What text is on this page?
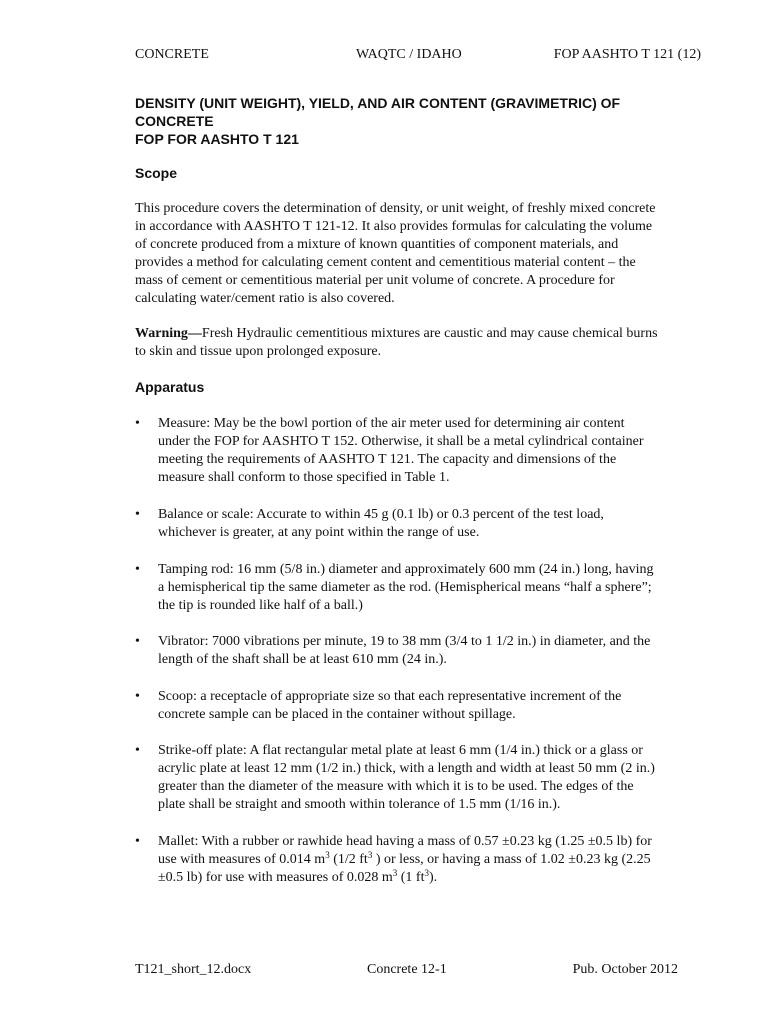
CONCRETE	WAQTC / IDAHO	FOP AASHTO T 121 (12)
DENSITY (UNIT WEIGHT), YIELD, AND AIR CONTENT (GRAVIMETRIC) OF
CONCRETE
FOP FOR AASHTO T 121
Scope
This procedure covers the determination of density, or unit weight, of freshly mixed concrete
in accordance with AASHTO T 121-12. It also provides formulas for calculating the volume
of concrete produced from a mixture of known quantities of component materials, and
provides a method for calculating cement content and cementitious material content – the
mass of cement or cementitious material per unit volume of concrete. A procedure for
calculating water/cement ratio is also covered.
Warning—Fresh Hydraulic cementitious mixtures are caustic and may cause chemical burns
to skin and tissue upon prolonged exposure.
Apparatus
• Measure: May be the bowl portion of the air meter used for determining air content
under the FOP for AASHTO T 152. Otherwise, it shall be a metal cylindrical container
meeting the requirements of AASHTO T 121. The capacity and dimensions of the
measure shall conform to those specified in Table 1.
• Balance or scale: Accurate to within 45 g (0.1 lb) or 0.3 percent of the test load,
whichever is greater, at any point within the range of use.
• Tamping rod: 16 mm (5/8 in.) diameter and approximately 600 mm (24 in.) long, having
a hemispherical tip the same diameter as the rod. (Hemispherical means “half a sphere”;
the tip is rounded like half of a ball.)
• Vibrator: 7000 vibrations per minute, 19 to 38 mm (3/4 to 1 1/2 in.) in diameter, and the
length of the shaft shall be at least 610 mm (24 in.).
• Scoop: a receptacle of appropriate size so that each representative increment of the
concrete sample can be placed in the container without spillage.
• Strike-off plate: A flat rectangular metal plate at least 6 mm (1/4 in.) thick or a glass or
acrylic plate at least 12 mm (1/2 in.) thick, with a length and width at least 50 mm (2 in.)
greater than the diameter of the measure with which it is to be used. The edges of the
plate shall be straight and smooth within tolerance of 1.5 mm (1/16 in.).
• Mallet: With a rubber or rawhide head having a mass of 0.57 ±0.23 kg (1.25 ±0.5 lb) for
use with measures of 0.014 $m^3$ (1/2 $ft^3$ ) or less, or having a mass of 1.02 ±0.23 kg (2.25
±0.5 lb) for use with measures of 0.028 $m^3$ (1 $ft^3$).
T121_short_12.docx	Concrete 12-1	Pub. October 2012
